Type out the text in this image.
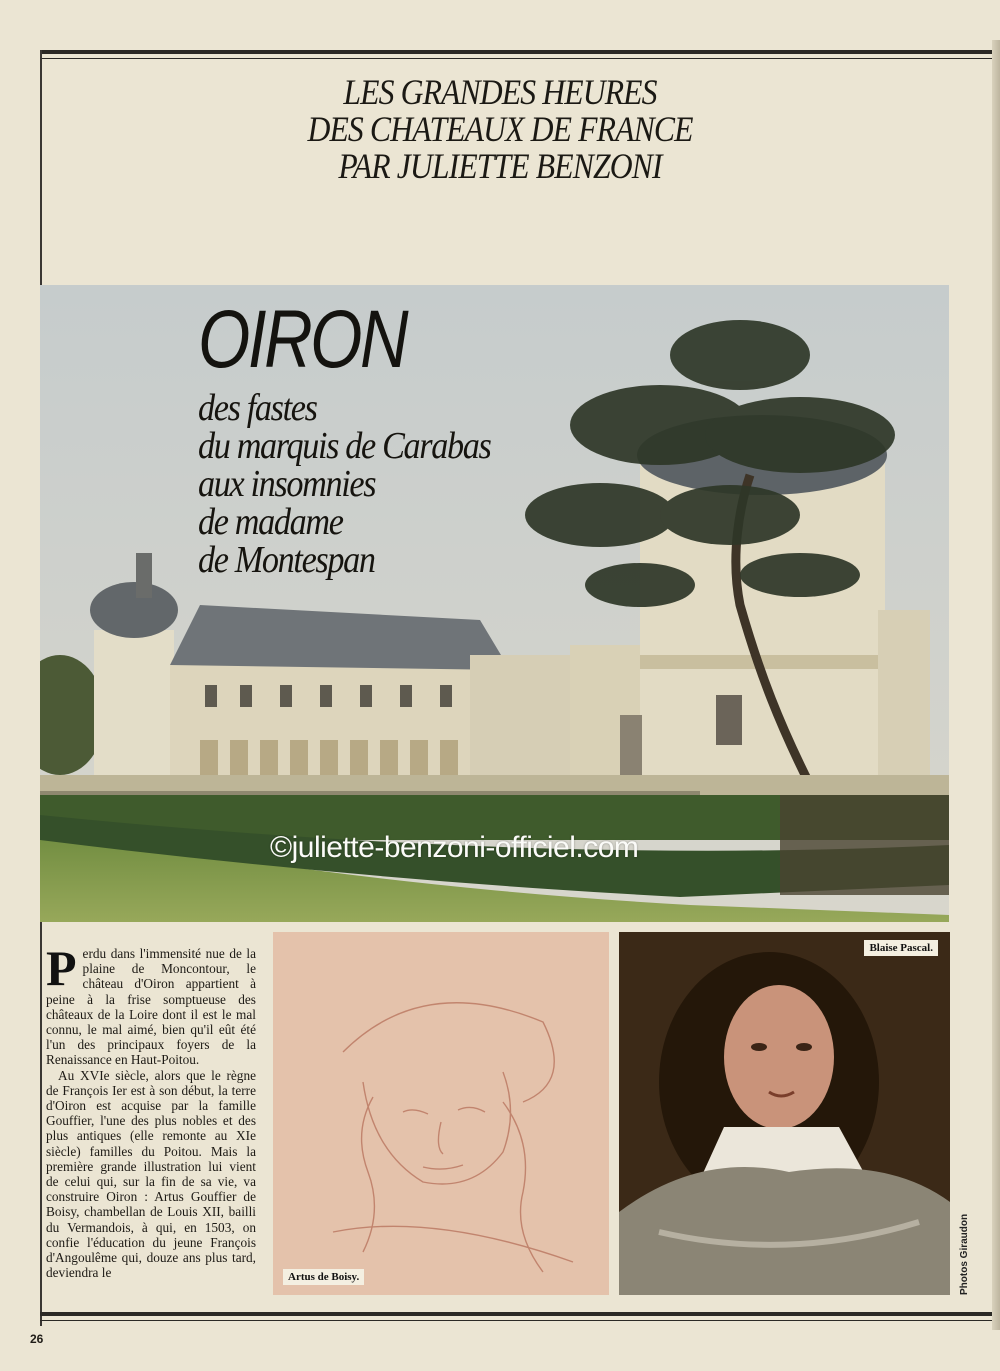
LES GRANDES HEURES
DES CHATEAUX DE FRANCE
PAR JULIETTE BENZONI
OIRON
des fastes
du marquis de Carabas
aux insomnies
de madame
de Montespan
©juliette-benzoni-officiel.com

Perdu dans l'immensité nue de la plaine de Moncontour, le château d'Oiron appartient à peine à la frise somptueuse des châteaux de la Loire dont il est le mal connu, le mal aimé, bien qu'il eût été l'un des principaux foyers de la Renaissance en Haut-Poitou.

Au XVIe siècle, alors que le règne de François Ier est à son début, la terre d'Oiron est acquise par la famille Gouffier, l'une des plus nobles et des plus antiques (elle remonte au XIe siècle) familles du Poitou. Mais la première grande illustration lui vient de celui qui, sur la fin de sa vie, va construire Oiron : Artus Gouffier de Boisy, chambellan de Louis XII, bailli du Vermandois, à qui, en 1503, on confie l'éducation du jeune François d'Angoulême qui, douze ans plus tard, deviendra le	Artus de Boisy.
Blaise Pascal.
Photos Giraudon
26
